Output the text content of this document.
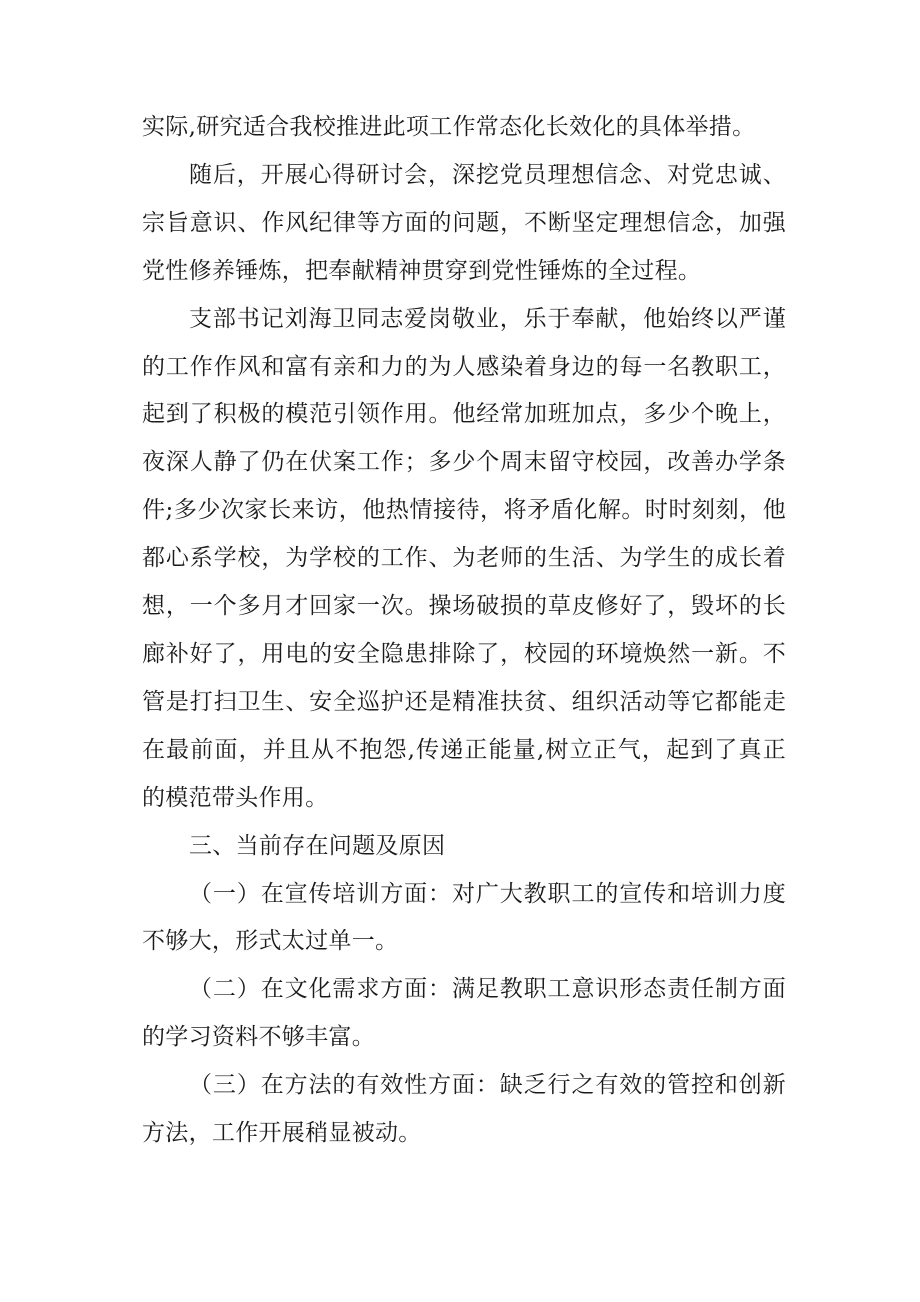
实际,研究适合我校推进此项工作常态化长效化的具体举措。

随后，开展心得研讨会，深挖党员理想信念、对党忠诚、宗旨意识、作风纪律等方面的问题，不断坚定理想信念，加强党性修养锤炼，把奉献精神贯穿到党性锤炼的全过程。

支部书记刘海卫同志爱岗敬业，乐于奉献，他始终以严谨的工作作风和富有亲和力的为人感染着身边的每一名教职工，起到了积极的模范引领作用。他经常加班加点，多少个晚上，夜深人静了仍在伏案工作；多少个周末留守校园，改善办学条件;多少次家长来访，他热情接待，将矛盾化解。时时刻刻，他都心系学校，为学校的工作、为老师的生活、为学生的成长着想，一个多月才回家一次。操场破损的草皮修好了，毁坏的长廊补好了，用电的安全隐患排除了，校园的环境焕然一新。不管是打扫卫生、安全巡护还是精准扶贫、组织活动等它都能走在最前面，并且从不抱怨,传递正能量,树立正气，起到了真正的模范带头作用。

三、当前存在问题及原因

（一）在宣传培训方面：对广大教职工的宣传和培训力度不够大，形式太过单一。

（二）在文化需求方面：满足教职工意识形态责任制方面的学习资料不够丰富。

（三）在方法的有效性方面：缺乏行之有效的管控和创新方法，工作开展稍显被动。
